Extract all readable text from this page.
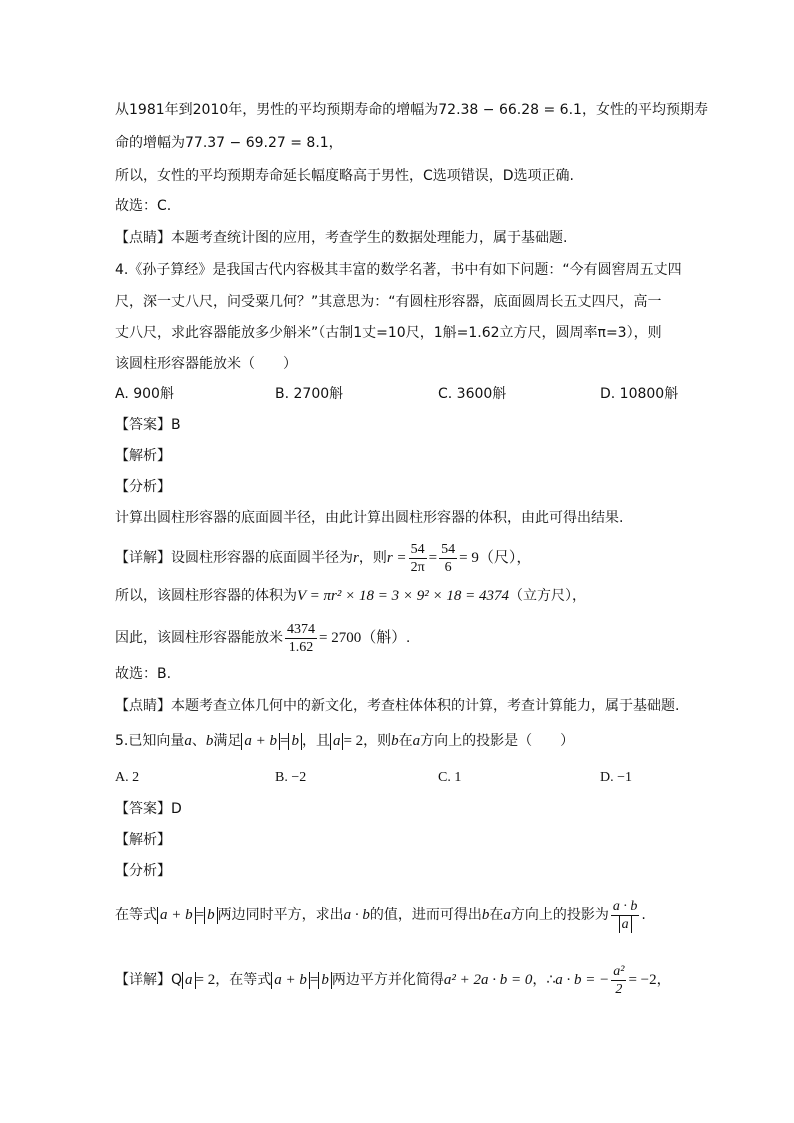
从1981年到2010年，男性的平均预期寿命的增幅为72.38 − 66.28 = 6.1，女性的平均预期寿
命的增幅为77.37 − 69.27 = 8.1，
所以，女性的平均预期寿命延长幅度略高于男性，C选项错误，D选项正确.
故选：C.
【点睛】本题考查统计图的应用，考查学生的数据处理能力，属于基础题.
4.《孙子算经》是我国古代内容极其丰富的数学名著，书中有如下问题：“今有圆窖周五丈四
尺，深一丈八尺，问受粟几何？”其意思为：“有圆柱形容器，底面圆周长五丈四尺，高一
丈八尺，求此容器能放多少斛米”（古制1丈=10尺，1斛=1.62立方尺，圆周率π=3），则
该圆柱形容器能放米（　　）
A. 900斛	B. 2700斛	C. 3600斛	D. 10800斛
【答案】B
【解析】
【分析】
计算出圆柱形容器的底面圆半径，由此计算出圆柱形容器的体积，由此可得出结果.
【详解】设圆柱形容器的底面圆半径为r，则$r = \frac{54}{2\pi} = \frac{54}{6} = 9$（尺），
所以，该圆柱形容器的体积为V = πr² × 18 = 3 × 9² × 18 = 4374（立方尺），
因此，该圆柱形容器能放米 $\frac{4374}{1.62} = 2700$（斛）.
故选：B.
【点睛】本题考查立体几何中的新文化，考查柱体体积的计算，考查计算能力，属于基础题.
5.已知向量a、b满足 a + b = b ，且 a = 2，则b在a方向上的投影是（　　）
A. 2	B. −2	C. 1	D. −1
【答案】D
【解析】
【分析】
在等式 a + b = b 两边同时平方，求出a · b的值，进而可得出b在a方向上的投影为 $\frac{a \cdot b}{a}$ .
【详解】Q a = 2，在等式 a + b = b 两边平方并化简得a² + 2a · b = 0，∴a · b = − $\frac{\text{a²}}{2} = -2$，
